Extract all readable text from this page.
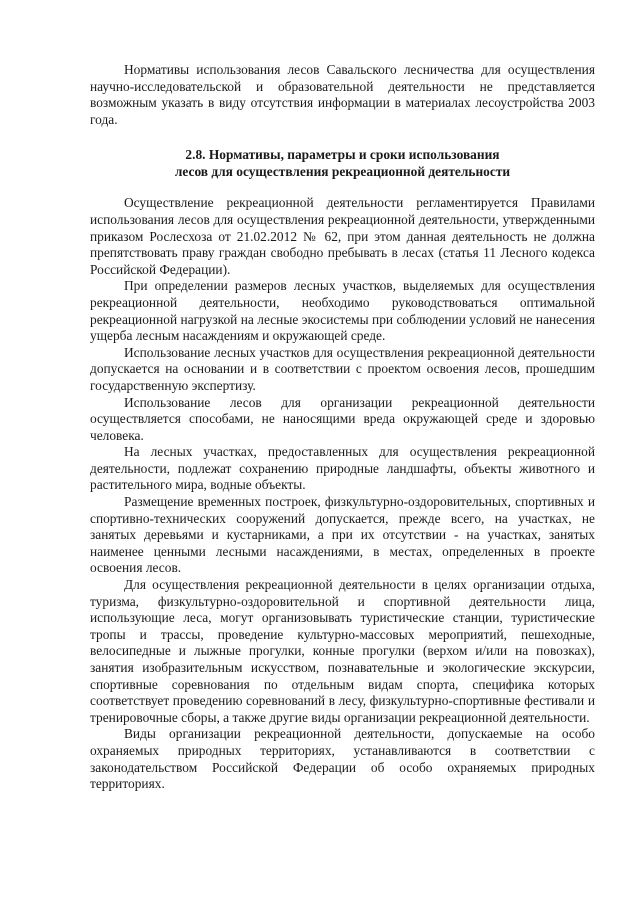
Нормативы использования лесов Савальского лесничества для осуществления научно-исследовательской и образовательной деятельности не представляется возможным указать в виду отсутствия информации в материалах лесоустройства 2003 года.

2.8. Нормативы, параметры и сроки использования
лесов для осуществления рекреационной деятельности

Осуществление рекреационной деятельности регламентируется Правилами использования лесов для осуществления рекреационной деятельности, утвержденными приказом Рослесхоза от 21.02.2012 № 62, при этом данная деятельность не должна препятствовать праву граждан свободно пребывать в лесах (статья 11 Лесного кодекса Российской Федерации).

При определении размеров лесных участков, выделяемых для осуществления рекреационной деятельности, необходимо руководствоваться оптимальной рекреационной нагрузкой на лесные экосистемы при соблюдении условий не нанесения ущерба лесным насаждениям и окружающей среде.

Использование лесных участков для осуществления рекреационной деятельности допускается на основании и в соответствии с проектом освоения лесов, прошедшим государственную экспертизу.

Использование лесов для организации рекреационной деятельности осуществляется способами, не наносящими вреда окружающей среде и здоровью человека.

На лесных участках, предоставленных для осуществления рекреационной деятельности, подлежат сохранению природные ландшафты, объекты животного и растительного мира, водные объекты.

Размещение временных построек, физкультурно-оздоровительных, спортивных и спортивно-технических сооружений допускается, прежде всего, на участках, не занятых деревьями и кустарниками, а при их отсутствии - на участках, занятых наименее ценными лесными насаждениями, в местах, определенных в проекте освоения лесов.

Для осуществления рекреационной деятельности в целях организации отдыха, туризма, физкультурно-оздоровительной и спортивной деятельности лица, использующие леса, могут организовывать туристические станции, туристические тропы и трассы, проведение культурно-массовых мероприятий, пешеходные, велосипедные и лыжные прогулки, конные прогулки (верхом и/или на повозках), занятия изобразительным искусством, познавательные и экологические экскурсии, спортивные соревнования по отдельным видам спорта, специфика которых соответствует проведению соревнований в лесу, физкультурно-спортивные фестивали и тренировочные сборы, а также другие виды организации рекреационной деятельности.

Виды организации рекреационной деятельности, допускаемые на особо охраняемых природных территориях, устанавливаются в соответствии с законодательством Российской Федерации об особо охраняемых природных территориях.
